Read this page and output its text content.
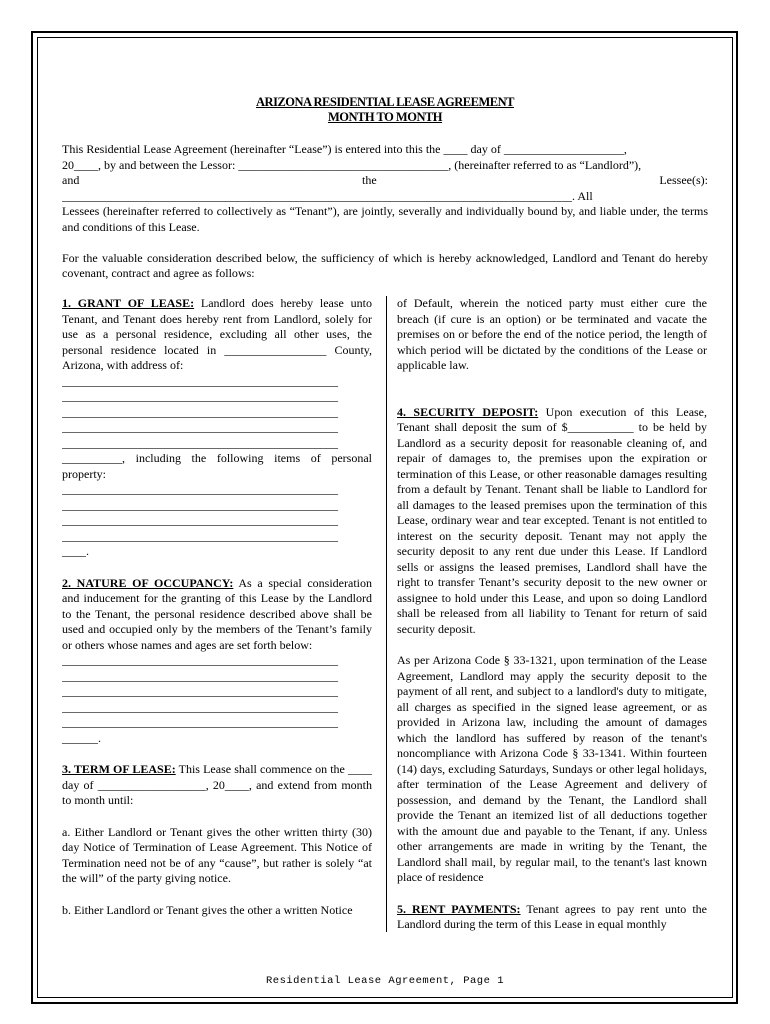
ARIZONA RESIDENTIAL LEASE AGREEMENT
MONTH TO MONTH

This Residential Lease Agreement (hereinafter “Lease”) is entered into this the ____ day of ____________________,

20____, by and between the Lessor: ___________________________________, (hereinafter referred to as “Landlord”),

and	the	Lessee(s):

_____________________________________________________________________________________. All

Lessees (hereinafter referred to collectively as “Tenant”), are jointly, severally and individually bound by, and liable under, the terms and conditions of this Lease.

For the valuable consideration described below, the sufficiency of which is hereby acknowledged, Landlord and Tenant do hereby covenant, contract and agree as follows:

1. GRANT OF LEASE: Landlord does hereby lease unto Tenant, and Tenant does hereby rent from Landlord, solely for use as a personal residence, excluding all other uses, the personal residence located in _________________ County, Arizona, with address of:

______________________________________________
______________________________________________
______________________________________________
______________________________________________
______________________________________________

__________, including the following items of personal property:

______________________________________________
______________________________________________
______________________________________________
______________________________________________

____.

2. NATURE OF OCCUPANCY: As a special consideration and inducement for the granting of this Lease by the Landlord to the Tenant, the personal residence described above shall be used and occupied only by the members of the Tenant’s family or others whose names and ages are set forth below:

______________________________________________
______________________________________________
______________________________________________
______________________________________________
______________________________________________

______.

3. TERM OF LEASE: This Lease shall commence on the ____ day of __________________, 20____, and extend from month to month until:

a. Either Landlord or Tenant gives the other written thirty (30) day Notice of Termination of Lease Agreement. This Notice of Termination need not be of any “cause”, but rather is solely “at the will” of the party giving notice.

b. Either Landlord or Tenant gives the other a written Notice

of Default, wherein the noticed party must either cure the breach (if cure is an option) or be terminated and vacate the premises on or before the end of the notice period, the length of which period will be dictated by the conditions of the Lease or applicable law.

4. SECURITY DEPOSIT: Upon execution of this Lease, Tenant shall deposit the sum of $___________ to be held by Landlord as a security deposit for reasonable cleaning of, and repair of damages to, the premises upon the expiration or termination of this Lease, or other reasonable damages resulting from a default by Tenant. Tenant shall be liable to Landlord for all damages to the leased premises upon the termination of this Lease, ordinary wear and tear excepted. Tenant is not entitled to interest on the security deposit. Tenant may not apply the security deposit to any rent due under this Lease. If Landlord sells or assigns the leased premises, Landlord shall have the right to transfer Tenant’s security deposit to the new owner or assignee to hold under this Lease, and upon so doing Landlord shall be released from all liability to Tenant for return of said security deposit.

As per Arizona Code § 33-1321, upon termination of the Lease Agreement, Landlord may apply the security deposit to the payment of all rent, and subject to a landlord's duty to mitigate, all charges as specified in the signed lease agreement, or as provided in Arizona law, including the amount of damages which the landlord has suffered by reason of the tenant's noncompliance with Arizona Code § 33-1341. Within fourteen (14) days, excluding Saturdays, Sundays or other legal holidays, after termination of the Lease Agreement and delivery of possession, and demand by the Tenant, the Landlord shall provide the Tenant an itemized list of all deductions together with the amount due and payable to the Tenant, if any. Unless other arrangements are made in writing by the Tenant, the Landlord shall mail, by regular mail, to the tenant's last known place of residence

5. RENT PAYMENTS: Tenant agrees to pay rent unto the Landlord during the term of this Lease in equal monthly

Residential Lease Agreement, Page 1
